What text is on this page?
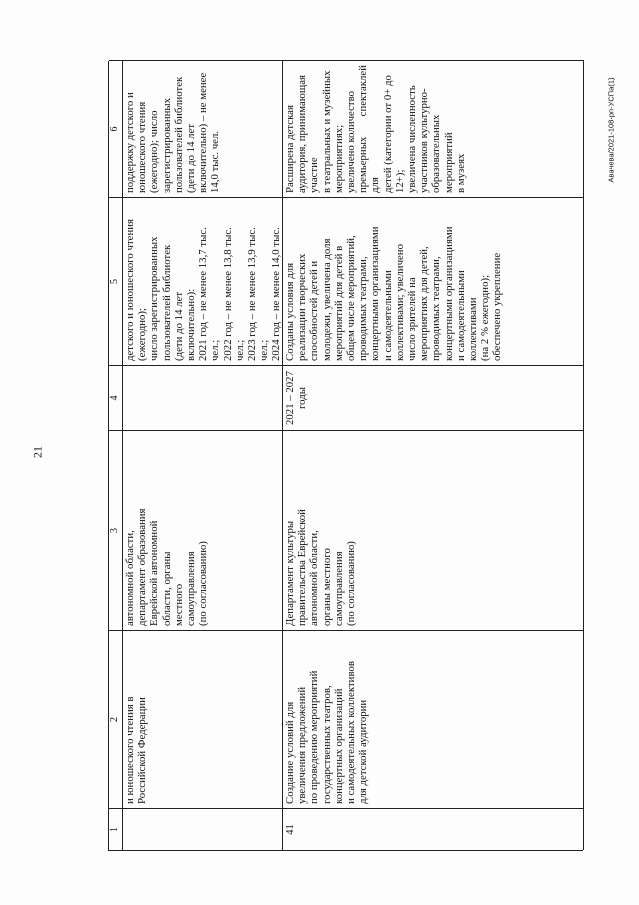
21
Авачева/2021-108-рп-УСПа(1)
1
2
3
4
5
6
и юношеского чтения в Российской Федерации
автономной области, департамент образования Еврейской автономной области, органы местного самоуправления (по согласованию)
детского и юношеского чтения (ежегодно); число зарегистрированных пользователей библиотек (дети до 14 лет включительно): 2021 год – не менее 13,7 тыс. чел.; 2022 год – не менее 13,8 тыс. чел.; 2023 год – не менее 13,9 тыс. чел.; 2024 год – не менее 14,0 тыс.
поддержку детского и юношеского чтения (ежегодно); число зарегистрированных пользователей библиотек (дети до 14 лет включительно) – не менее 14,0 тыс. чел.
41
Создание условий для увеличения предложений по проведению мероприятий государственных театров, концертных организаций и самодеятельных коллективов для детской аудитории
Департамент культуры правительства Еврейской автономной области, органы местного самоуправления (по согласованию)
2021 – 2027 годы
Созданы условия для реализации творческих способностей детей и молодежи, увеличена доля мероприятий для детей в общем числе мероприятий, проводимых театрами, концертными организациями и самодеятельными коллективами; увеличено число зрителей на мероприятиях для детей, проводимых театрами, концертными организациями и самодеятельными коллективами (на 2 % ежегодно); обеспечено укрепление
Расширена детская аудитория, принимающая участие в театральных и музейных мероприятиях; увеличено количество премьерных спектаклей для детей (категории от 0+ до 12+); увеличена численность участников культурно- образовательных мероприятий в музеях
